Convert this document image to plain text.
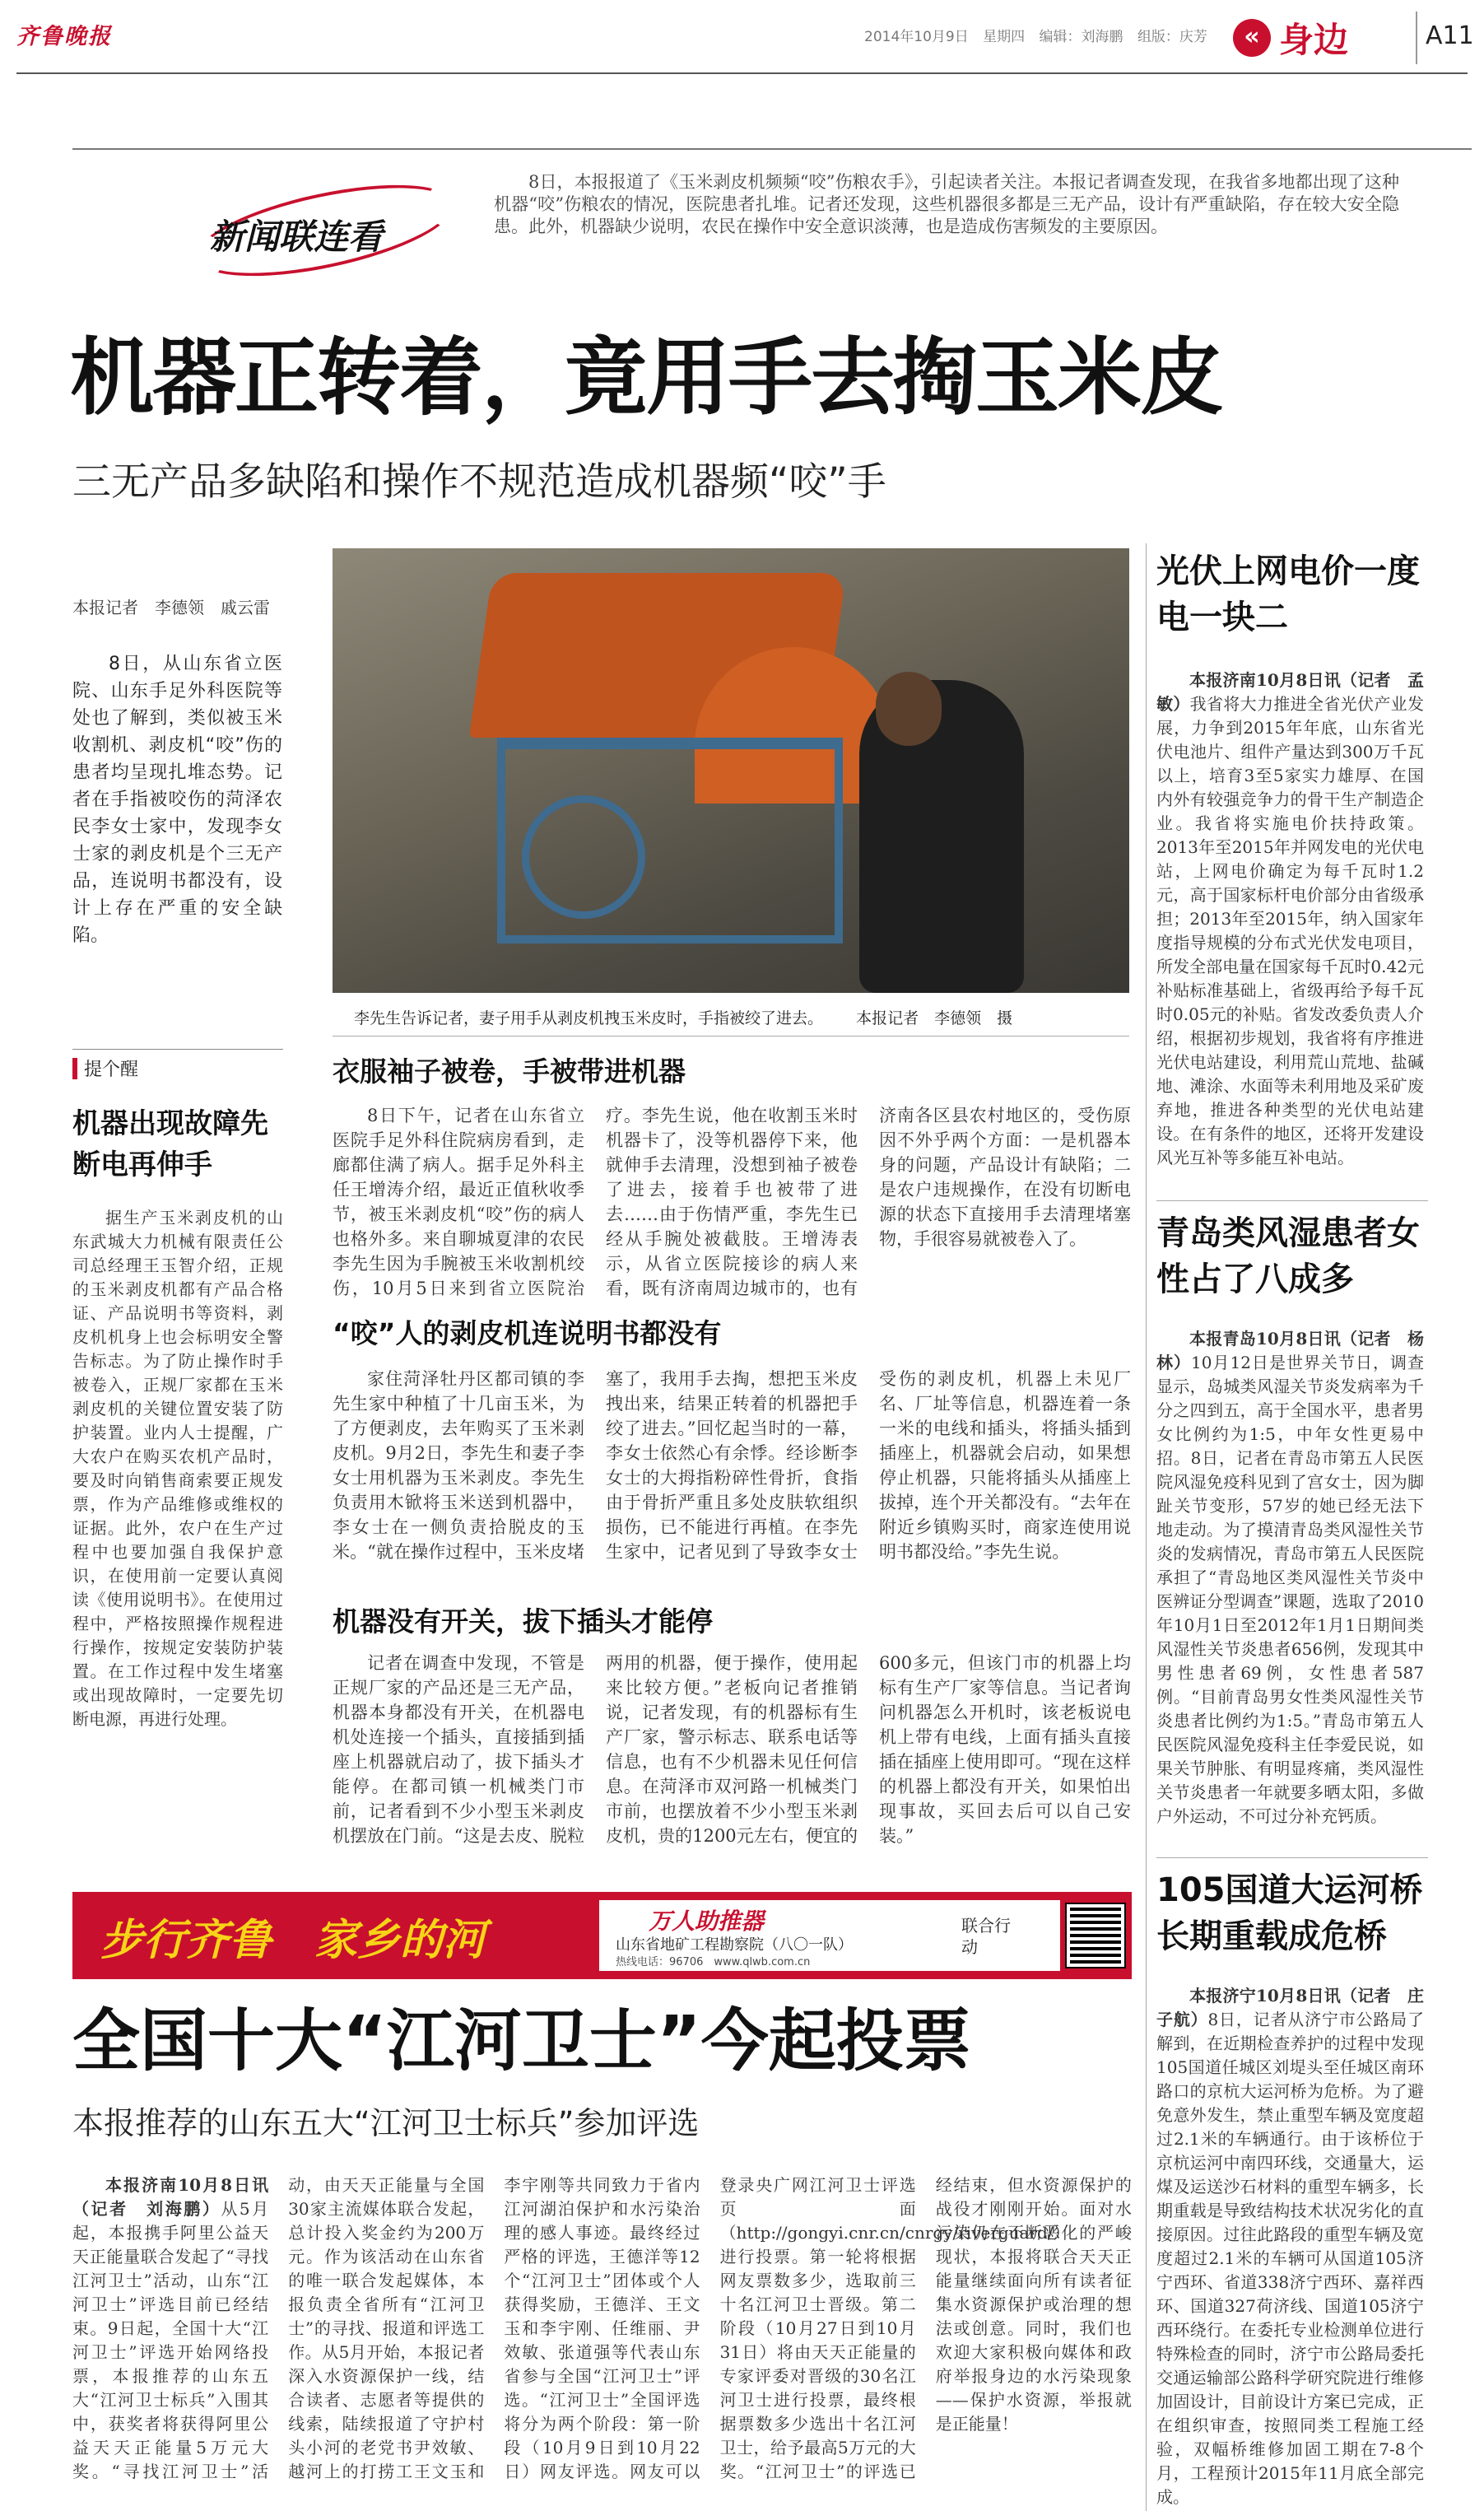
齐鲁晚报	2014年10月9日 星期四 编辑：刘海鹏 组版：庆芳	« 身边	A11
新闻联连看

8日，本报报道了《玉米剥皮机频频“咬”伤粮农手》，引起读者关注。本报记者调查发现，在我省多地都出现了这种机器“咬”伤粮农的情况，医院患者扎堆。记者还发现，这些机器很多都是三无产品，设计有严重缺陷，存在较大安全隐患。此外，机器缺少说明，农民在操作中安全意识淡薄，也是造成伤害频发的主要原因。

机器正转着，竟用手去掏玉米皮
三无产品多缺陷和操作不规范造成机器频“咬”手
本报记者　李德领　戚云雷

8日，从山东省立医院、山东手足外科医院等处也了解到，类似被玉米收割机、剥皮机“咬”伤的患者均呈现扎堆态势。记者在手指被咬伤的菏泽农民李女士家中，发现李女士家的剥皮机是个三无产品，连说明书都没有，设计上存在严重的安全缺陷。

李先生告诉记者，妻子用手从剥皮机拽玉米皮时，手指被绞了进去。 本报记者　李德领　摄
提个醒
机器出现故障先断电再伸手

据生产玉米剥皮机的山东武城大力机械有限责任公司总经理王玉智介绍，正规的玉米剥皮机都有产品合格证、产品说明书等资料，剥皮机机身上也会标明安全警告标志。为了防止操作时手被卷入，正规厂家都在玉米剥皮机的关键位置安装了防护装置。业内人士提醒，广大农户在购买农机产品时，要及时向销售商索要正规发票，作为产品维修或维权的证据。此外，农户在生产过程中也要加强自我保护意识，在使用前一定要认真阅读《使用说明书》。在使用过程中，严格按照操作规程进行操作，按规定安装防护装置。在工作过程中发生堵塞或出现故障时，一定要先切断电源，再进行处理。

衣服袖子被卷，手被带进机器

8日下午，记者在山东省立医院手足外科住院病房看到，走廊都住满了病人。据手足外科主任王增涛介绍，最近正值秋收季节，被玉米剥皮机“咬”伤的病人也格外多。来自聊城夏津的农民李先生因为手腕被玉米收割机绞伤，10月5日来到省立医院治疗。李先生说，他在收割玉米时机器卡了，没等机器停下来，他就伸手去清理，没想到袖子被卷了进去，接着手也被带了进去……由于伤情严重，李先生已经从手腕处被截肢。王增涛表示，从省立医院接诊的病人来看，既有济南周边城市的，也有济南各区县农村地区的，受伤原因不外乎两个方面：一是机器本身的问题，产品设计有缺陷；二是农户违规操作，在没有切断电源的状态下直接用手去清理堵塞物，手很容易就被卷入了。

“咬”人的剥皮机连说明书都没有

家住菏泽牡丹区都司镇的李先生家中种植了十几亩玉米，为了方便剥皮，去年购买了玉米剥皮机。9月2日，李先生和妻子李女士用机器为玉米剥皮。李先生负责用木锨将玉米送到机器中，李女士在一侧负责拾脱皮的玉米。“就在操作过程中，玉米皮堵塞了，我用手去掏，想把玉米皮拽出来，结果正转着的机器把手绞了进去。”回忆起当时的一幕，李女士依然心有余悸。经诊断李女士的大拇指粉碎性骨折，食指由于骨折严重且多处皮肤软组织损伤，已不能进行再植。在李先生家中，记者见到了导致李女士受伤的剥皮机，机器上未见厂名、厂址等信息，机器连着一条一米的电线和插头，将插头插到插座上，机器就会启动，如果想停止机器，只能将插头从插座上拔掉，连个开关都没有。“去年在附近乡镇购买时，商家连使用说明书都没给。”李先生说。

机器没有开关，拔下插头才能停

记者在调查中发现，不管是正规厂家的产品还是三无产品，机器本身都没有开关，在机器电机处连接一个插头，直接插到插座上机器就启动了，拔下插头才能停。在都司镇一机械类门市前，记者看到不少小型玉米剥皮机摆放在门前。“这是去皮、脱粒两用的机器，便于操作，使用起来比较方便。”老板向记者推销说，记者发现，有的机器标有生产厂家，警示标志、联系电话等信息，也有不少机器未见任何信息。在菏泽市双河路一机械类门市前，也摆放着不少小型玉米剥皮机，贵的1200元左右，便宜的600多元，但该门市的机器上均标有生产厂家等信息。当记者询问机器怎么开机时，该老板说电机上带有电线，上面有插头直接插在插座上使用即可。“现在这样的机器上都没有开关，如果怕出现事故，买回去后可以自己安装。”

光伏上网电价一度电一块二

本报济南10月8日讯（记者　孟敏）我省将大力推进全省光伏产业发展，力争到2015年年底，山东省光伏电池片、组件产量达到300万千瓦以上，培育3至5家实力雄厚、在国内外有较强竞争力的骨干生产制造企业。我省将实施电价扶持政策。2013年至2015年并网发电的光伏电站，上网电价确定为每千瓦时1.2元，高于国家标杆电价部分由省级承担；2013年至2015年，纳入国家年度指导规模的分布式光伏发电项目，所发全部电量在国家每千瓦时0.42元补贴标准基础上，省级再给予每千瓦时0.05元的补贴。省发改委负责人介绍，根据初步规划，我省将有序推进光伏电站建设，利用荒山荒地、盐碱地、滩涂、水面等未利用地及采矿废弃地，推进各种类型的光伏电站建设。在有条件的地区，还将开发建设风光互补等多能互补电站。

青岛类风湿患者女性占了八成多

本报青岛10月8日讯（记者　杨林）10月12日是世界关节日，调查显示，岛城类风湿关节炎发病率为千分之四到五，高于全国水平，患者男女比例约为1:5，中年女性更易中招。8日，记者在青岛市第五人民医院风湿免疫科见到了宫女士，因为脚趾关节变形，57岁的她已经无法下地走动。为了摸清青岛类风湿性关节炎的发病情况，青岛市第五人民医院承担了“青岛地区类风湿性关节炎中医辨证分型调查”课题，选取了2010年10月1日至2012年1月1日期间类风湿性关节炎患者656例，发现其中男性患者69例，女性患者587例。“目前青岛男女性类风湿性关节炎患者比例约为1:5。”青岛市第五人民医院风湿免疫科主任李爱民说，如果关节肿胀、有明显疼痛，类风湿性关节炎患者一年就要多晒太阳，多做户外运动，不可过分补充钙质。

105国道大运河桥长期重载成危桥

本报济宁10月8日讯（记者　庄子航）8日，记者从济宁市公路局了解到，在近期检查养护的过程中发现105国道任城区刘堤头至任城区南环路口的京杭大运河桥为危桥。为了避免意外发生，禁止重型车辆及宽度超过2.1米的车辆通行。由于该桥位于京杭运河中南四环线，交通量大，运煤及运送沙石材料的重型车辆多，长期重载是导致结构技术状况劣化的直接原因。过往此路段的重型车辆及宽度超过2.1米的车辆可从国道105济宁西环、省道338济宁西环、嘉祥西环、国道327荷济线、国道105济宁西环绕行。在委托专业检测单位进行特殊检查的同时，济宁市公路局委托交通运输部公路科学研究院进行维修加固设计，目前设计方案已完成，正在组织审查，按照同类工程施工经验，双幅桥维修加固工期在7-8个月，工程预计2015年11月底全部完成。

步行齐鲁　家乡的河	万人助推器
山东省地矿工程勘察院（八〇一队）
热线电话：96706　www.qlwb.com.cn
联合行动
全国十大“江河卫士”今起投票
本报推荐的山东五大“江河卫士标兵”参加评选

本报济南10月8日讯（记者　刘海鹏）从5月起，本报携手阿里公益天天正能量联合发起了“寻找江河卫士”活动，山东“江河卫士”评选目前已经结束。9日起，全国十大“江河卫士”评选开始网络投票，本报推荐的山东五大“江河卫士标兵”入围其中，获奖者将获得阿里公益天天正能量5万元大奖。“寻找江河卫士”活动，由天天正能量与全国30家主流媒体联合发起，总计投入奖金约为200万元。作为该活动在山东省的唯一联合发起媒体，本报负责全省所有“江河卫士”的寻找、报道和评选工作。从5月开始，本报记者深入水资源保护一线，结合读者、志愿者等提供的线索，陆续报道了守护村头小河的老党书尹效敏、越河上的打捞工王文玉和李宇刚等共同致力于省内江河湖泊保护和水污染治理的感人事迹。最终经过严格的评选，王德洋等12个“江河卫士”团体或个人获得奖励，王德洋、王文玉和李宇刚、任维丽、尹效敏、张道强等代表山东省参与全国“江河卫士”评选。“江河卫士”全国评选将分为两个阶段：第一阶段（10月9日到10月22日）网友评选。网友可以登录央广网江河卫士评选页面（http://gongyi.cnr.cn/cnrgy/riverguard/）进行投票。第一轮将根据网友票数多少，选取前三十名江河卫士晋级。第二阶段（10月27日到10月31日）将由天天正能量的专家评委对晋级的30名江河卫士进行投票，最终根据票数多少选出十名江河卫士，给予最高5万元的大奖。“江河卫士”的评选已经结束，但水资源保护的战役才刚刚开始。面对水污染仍在不断恶化的严峻现状，本报将联合天天正能量继续面向所有读者征集水资源保护或治理的想法或创意。同时，我们也欢迎大家积极向媒体和政府举报身边的水污染现象——保护水资源，举报就是正能量！
